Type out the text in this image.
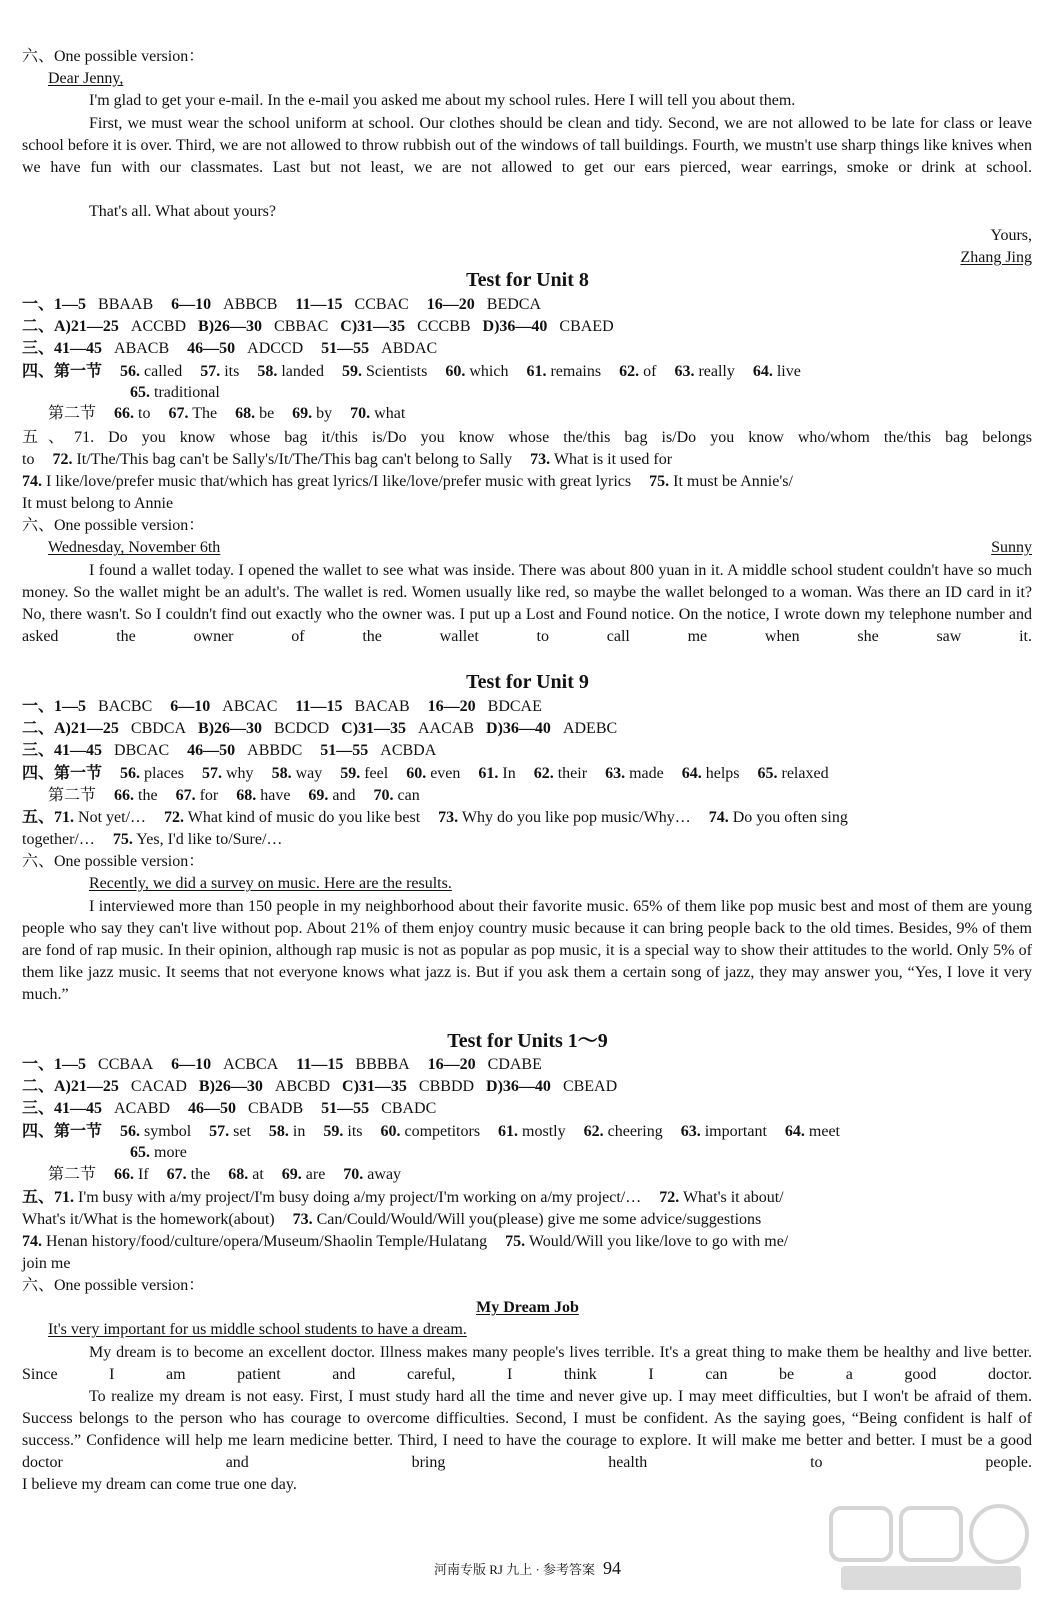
六、One possible version：
Dear Jenny,
I'm glad to get your e-mail. In the e-mail you asked me about my school rules. Here I will tell you about them.
First, we must wear the school uniform at school. Our clothes should be clean and tidy. Second, we are not allowed to be late for class or leave school before it is over. Third, we are not allowed to throw rubbish out of the windows of tall buildings. Fourth, we mustn't use sharp things like knives when we have fun with our classmates. Last but not least, we are not allowed to get our ears pierced, wear earrings, smoke or drink at school.
That's all. What about yours?
Yours,
Zhang Jing
Test for Unit 8
一、1—5 BBAAB 6—10 ABBCB 11—15 CCBAC 16—20 BEDCA
二、A)21—25 ACCBD B)26—30 CBBAC C)31—35 CCCBB D)36—40 CBAED
三、41—45 ABACB 46—50 ADCCD 51—55 ABDAC
四、第一节 56. called 57. its 58. landed 59. Scientists 60. which 61. remains 62. of 63. really 64. live
65. traditional
第二节 66. to 67. The 68. be 69. by 70. what
五、71. Do you know whose bag it/this is/Do you know whose the/this bag is/Do you know who/whom the/this bag belongs
to 72. It/The/This bag can't be Sally's/It/The/This bag can't belong to Sally 73. What is it used for
74. I like/love/prefer music that/which has great lyrics/I like/love/prefer music with great lyrics 75. It must be Annie's/
It must belong to Annie
六、One possible version：
Wednesday, November 6th	Sunny
I found a wallet today. I opened the wallet to see what was inside. There was about 800 yuan in it. A middle school student couldn't have so much money. So the wallet might be an adult's. The wallet is red. Women usually like red, so maybe the wallet belonged to a woman. Was there an ID card in it? No, there wasn't. So I couldn't find out exactly who the owner was. I put up a Lost and Found notice. On the notice, I wrote down my telephone number and asked the owner of the wallet to call me when she saw it.
Test for Unit 9
一、1—5 BACBC 6—10 ABCAC 11—15 BACAB 16—20 BDCAE
二、A)21—25 CBDCA B)26—30 BCDCD C)31—35 AACAB D)36—40 ADEBC
三、41—45 DBCAC 46—50 ABBDC 51—55 ACBDA
四、第一节 56. places 57. why 58. way 59. feel 60. even 61. In 62. their 63. made 64. helps 65. relaxed
第二节 66. the 67. for 68. have 69. and 70. can
五、71. Not yet/… 72. What kind of music do you like best 73. Why do you like pop music/Why… 74. Do you often sing
together/… 75. Yes, I'd like to/Sure/…
六、One possible version：
Recently, we did a survey on music. Here are the results.
I interviewed more than 150 people in my neighborhood about their favorite music. 65% of them like pop music best and most of them are young people who say they can't live without pop. About 21% of them enjoy country music because it can bring people back to the old times. Besides, 9% of them are fond of rap music. In their opinion, although rap music is not as popular as pop music, it is a special way to show their attitudes to the world. Only 5% of them like jazz music. It seems that not everyone knows what jazz is. But if you ask them a certain song of jazz, they may answer you, “Yes, I love it very much.”
Test for Units 1～9
一、1—5 CCBAA 6—10 ACBCA 11—15 BBBBA 16—20 CDABE
二、A)21—25 CACAD B)26—30 ABCBD C)31—35 CBBDD D)36—40 CBEAD
三、41—45 ACABD 46—50 CBADB 51—55 CBADC
四、第一节 56. symbol 57. set 58. in 59. its 60. competitors 61. mostly 62. cheering 63. important 64. meet
65. more
第二节 66. If 67. the 68. at 69. are 70. away
五、71. I'm busy with a/my project/I'm busy doing a/my project/I'm working on a/my project/… 72. What's it about/
What's it/What is the homework(about) 73. Can/Could/Would/Will you(please) give me some advice/suggestions
74. Henan history/food/culture/opera/Museum/Shaolin Temple/Hulatang 75. Would/Will you like/love to go with me/
join me
六、One possible version：
My Dream Job
It's very important for us middle school students to have a dream.
My dream is to become an excellent doctor. Illness makes many people's lives terrible. It's a great thing to make them be healthy and live better. Since I am patient and careful, I think I can be a good doctor.
To realize my dream is not easy. First, I must study hard all the time and never give up. I may meet difficulties, but I won't be afraid of them. Success belongs to the person who has courage to overcome difficulties. Second, I must be confident. As the saying goes, “Being confident is half of success.” Confidence will help me learn medicine better. Third, I need to have the courage to explore. It will make me better and better. I must be a good doctor and bring health to people.
I believe my dream can come true one day.
河南专版 RJ 九上 · 参考答案 94
